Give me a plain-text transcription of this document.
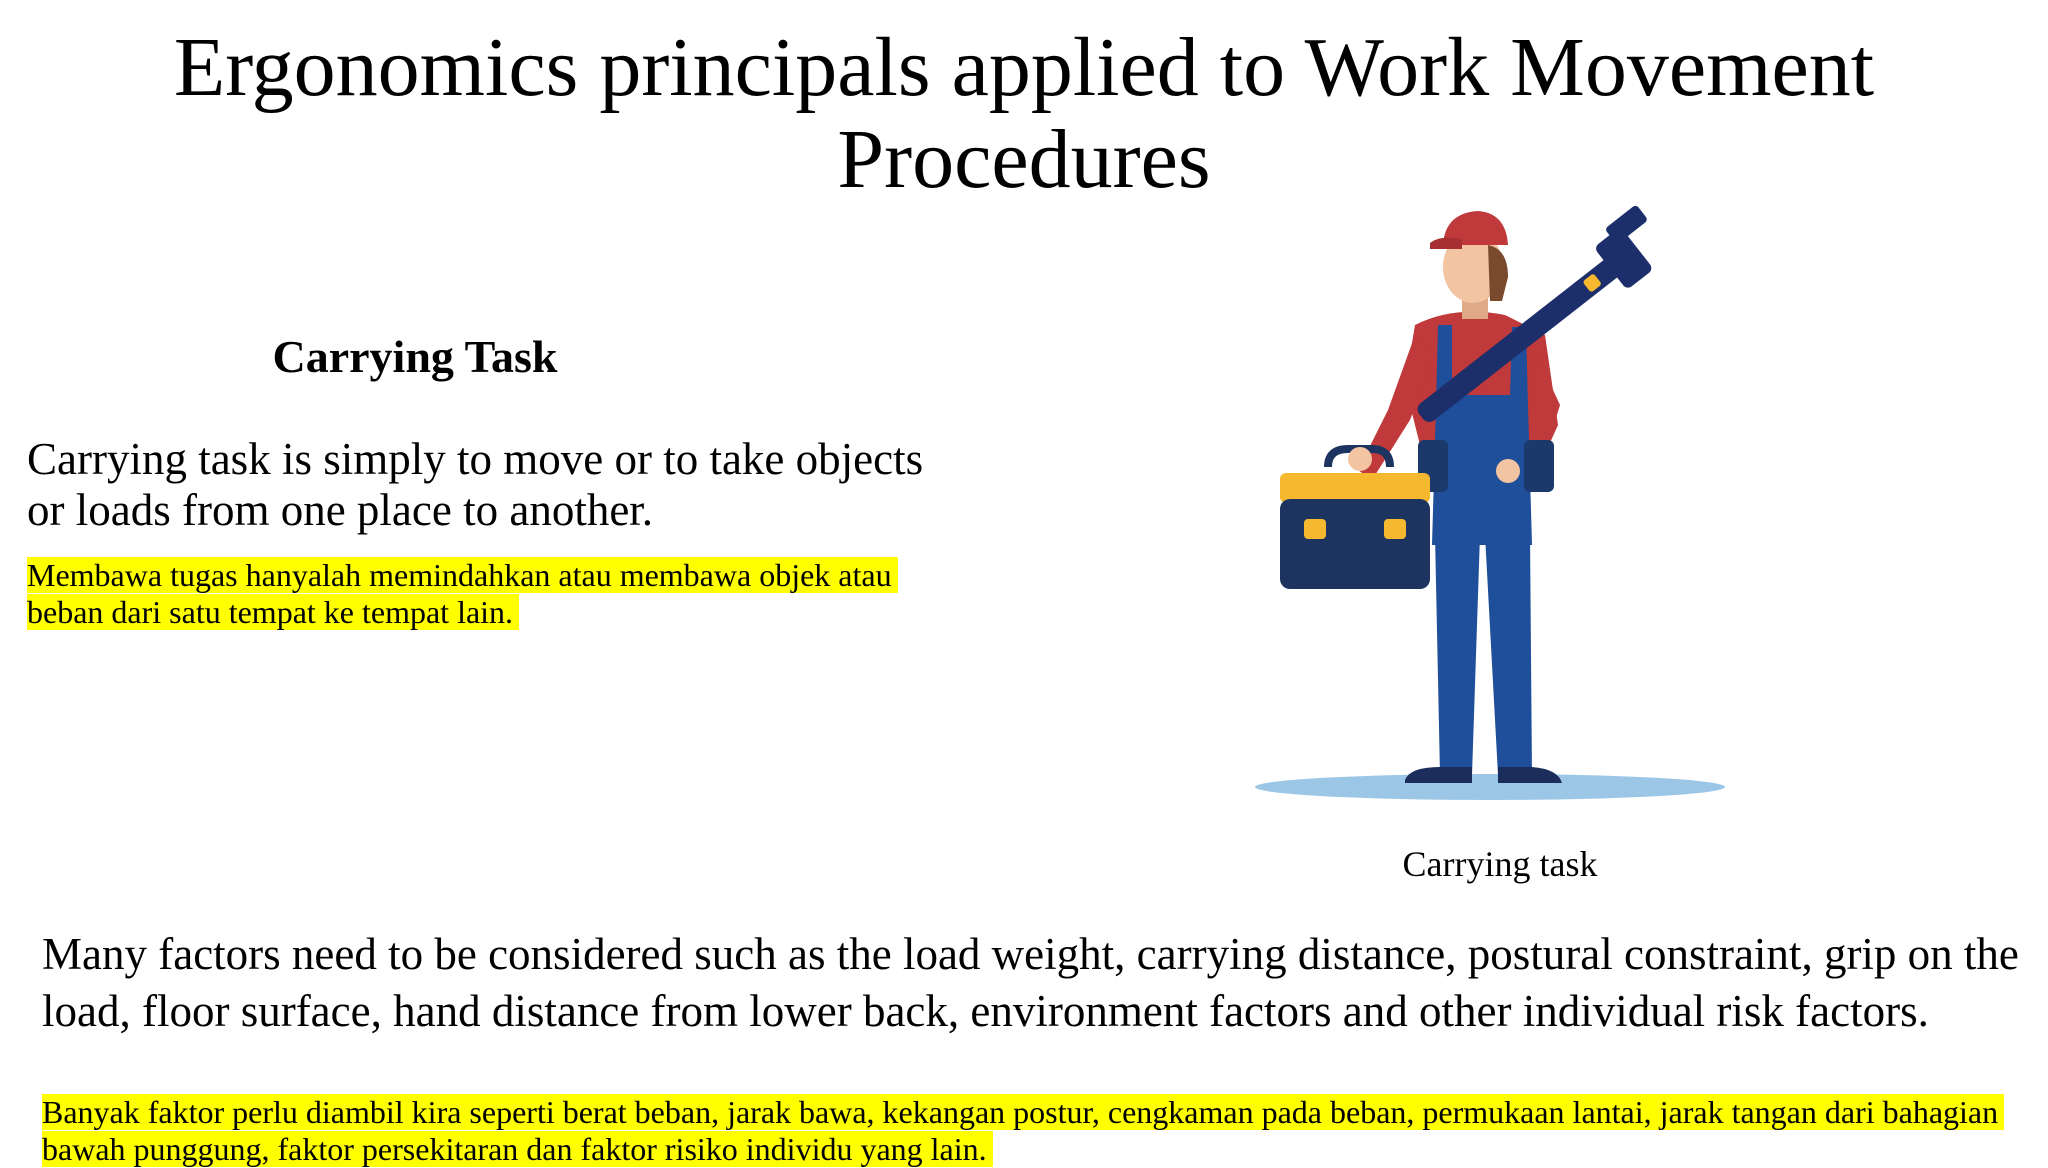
Ergonomics principals applied to Work Movement Procedures
Carrying Task

Carrying task is simply to move or to take objects or loads from one place to another.

Membawa tugas hanyalah memindahkan atau membawa objek atau beban dari satu tempat ke tempat lain.

Carrying task

Many factors need to be considered such as the load weight, carrying distance, postural constraint, grip on the load, floor surface, hand distance from lower back, environment factors and other individual risk factors.

Banyak faktor perlu diambil kira seperti berat beban, jarak bawa, kekangan postur, cengkaman pada beban, permukaan lantai, jarak tangan dari bahagian bawah punggung, faktor persekitaran dan faktor risiko individu yang lain.
